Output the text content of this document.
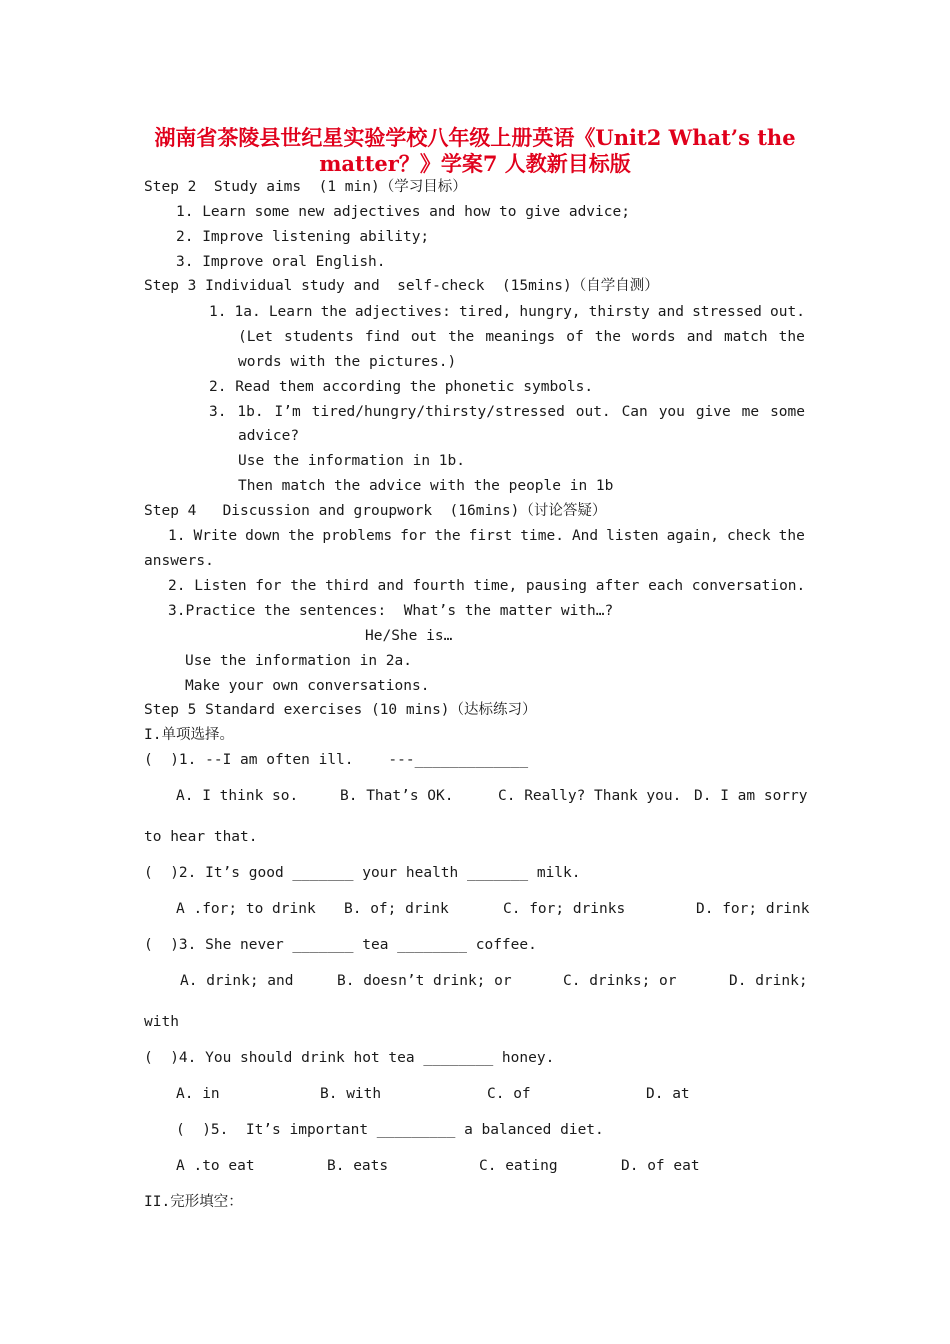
湖南省茶陵县世纪星实验学校八年级上册英语《Unit2 What’s the
matter？》学案7 人教新目标版
Step 2  Study aims  (1 min)（学习目标）
1. Learn some new adjectives and how to give advice;
2. Improve listening ability;
3. Improve oral English.
Step 3 Individual study and  self-check  (15mins)（自学自测）
1. 1a. Learn the adjectives: tired, hungry, thirsty and stressed out.
(Let students find out the meanings of the words and match the
words with the pictures.)
2. Read them according the phonetic symbols.
3. 1b. I’m tired/hungry/thirsty/stressed out. Can you give me some
advice?
Use the information in 1b.
Then match the advice with the people in 1b
Step 4   Discussion and groupwork  (16mins)（讨论答疑）
1. Write down the problems for the first time. And listen again, check the
answers.
2. Listen for the third and fourth time, pausing after each conversation.
3.Practice the sentences:  What’s the matter with…?
He/She is…
Use the information in 2a.
Make your own conversations.
Step 5 Standard exercises (10 mins)（达标练习）
I.单项选择。
(  )1. --I am often ill.    ---_____________
A. I think so.	B. That’s OK.	C. Really? Thank you. D. I am sorry
to hear that.
(  )2. It’s good _______ your health _______ milk.
A .for; to drink B. of; drink	C. for; drinks	D. for; drink
(  )3. She never _______ tea ________ coffee.
A. drink; and	B. doesn’t drink; or	C. drinks; or	D. drink;
with
(  )4. You should drink hot tea ________ honey.
A. in	B. with	C. of	D. at
(  )5.  It’s important _________ a balanced diet.
A .to eat	B. eats	C. eating	D. of eat
II.完形填空：
